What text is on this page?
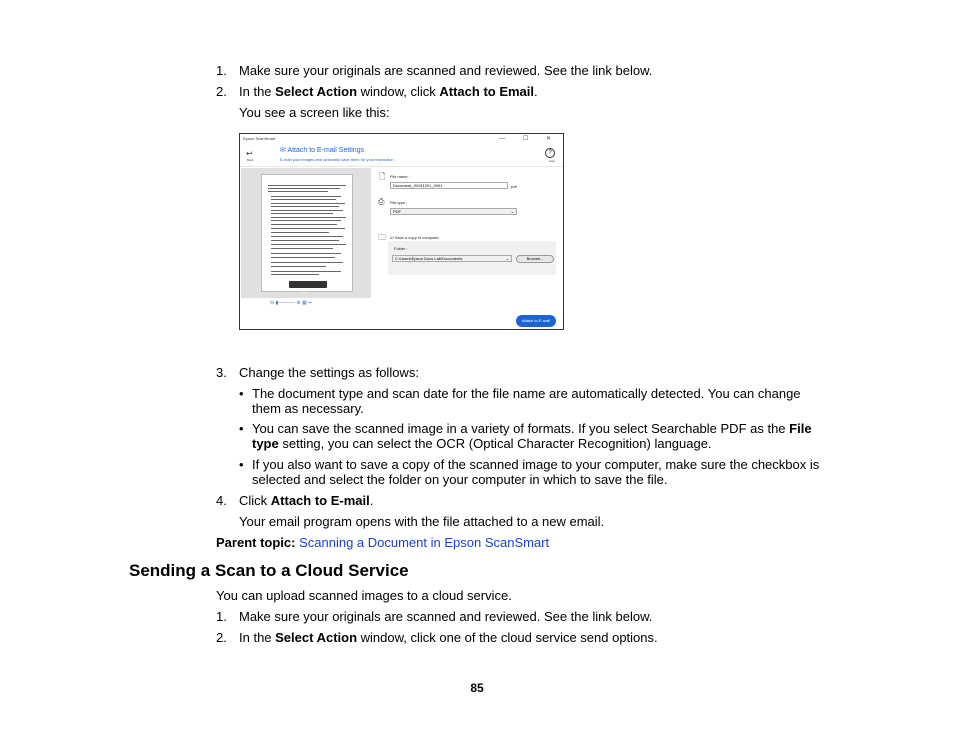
1. Make sure your originals are scanned and reviewed. See the link below.
2. In the Select Action window, click Attach to Email.
You see a screen like this:
Epson ScanSmart	— ☐ ✕
↩
Back
✉ Attach to E-mail Settings
E-mail your images and optionally save them for your instruction
?
Help
1 / 1
⊖ ▮‒‒‒‒‒‒ ⊕ ▦ ▪▪
🗋 File name :
Document_20191201_0001	.pdf
⎙ File type :
PDF	⌄
🗀 ☑ Save a copy to computer
Folder :
C:\Users\Epson Docs Lab\Documents	⌄	Browse...
Attach to E-mail
3. Change the settings as follows:
• The document type and scan date for the file name are automatically detected. You can change them as necessary.
• You can save the scanned image in a variety of formats. If you select Searchable PDF as the File type setting, you can select the OCR (Optical Character Recognition) language.
• If you also want to save a copy of the scanned image to your computer, make sure the checkbox is selected and select the folder on your computer in which to save the file.
4. Click Attach to E-mail.
Your email program opens with the file attached to a new email.
Parent topic: Scanning a Document in Epson ScanSmart
Sending a Scan to a Cloud Service
You can upload scanned images to a cloud service.
1. Make sure your originals are scanned and reviewed. See the link below.
2. In the Select Action window, click one of the cloud service send options.
85
